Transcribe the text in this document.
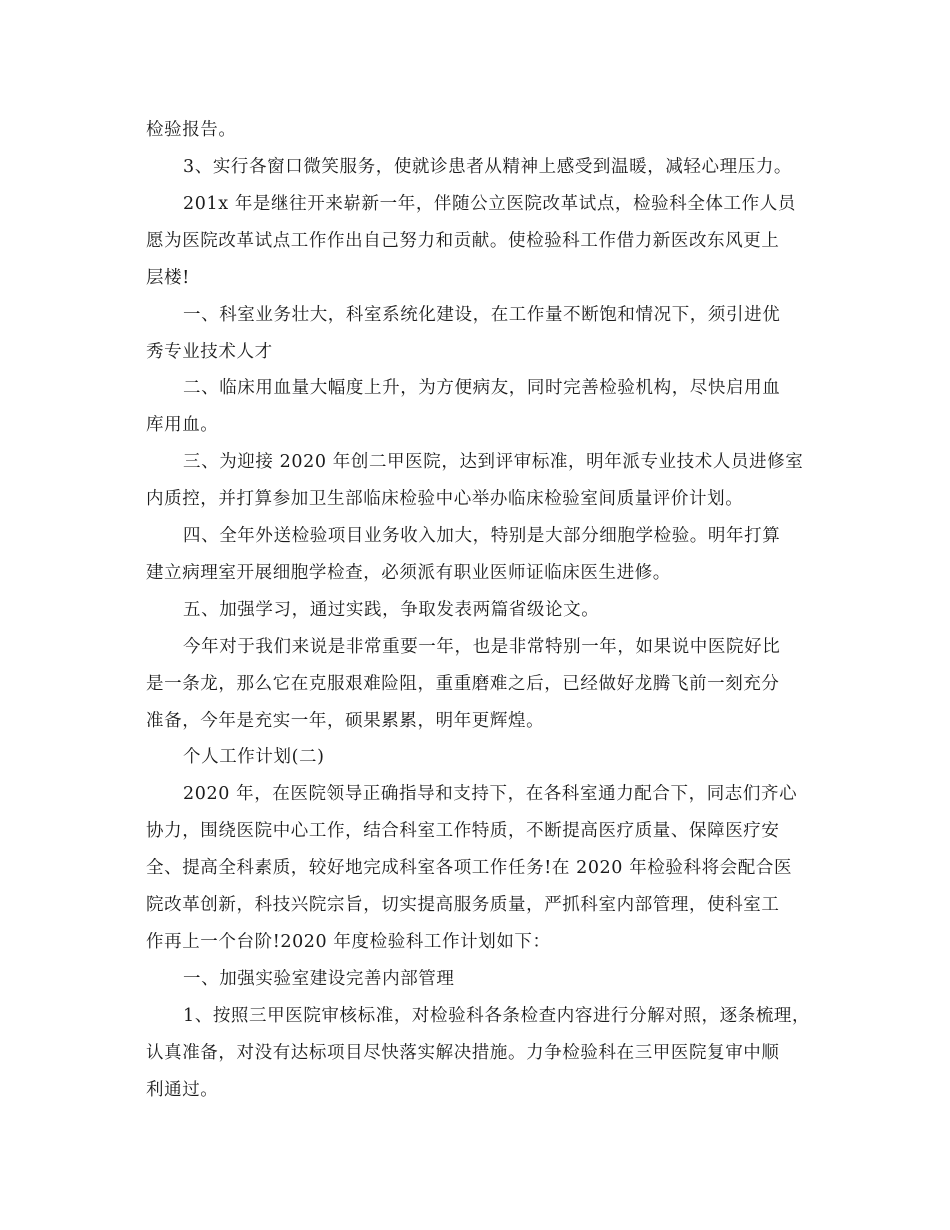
检验报告。
3、实行各窗口微笑服务，使就诊患者从精神上感受到温暖，减轻心理压力。
201x 年是继往开来崭新一年，伴随公立医院改革试点，检验科全体工作人员
愿为医院改革试点工作作出自己努力和贡献。使检验科工作借力新医改东风更上
层楼!
一、科室业务壮大，科室系统化建设，在工作量不断饱和情况下，须引进优
秀专业技术人才
二、临床用血量大幅度上升，为方便病友，同时完善检验机构，尽快启用血
库用血。
三、为迎接 2020 年创二甲医院，达到评审标准，明年派专业技术人员进修室
内质控，并打算参加卫生部临床检验中心举办临床检验室间质量评价计划。
四、全年外送检验项目业务收入加大，特别是大部分细胞学检验。明年打算
建立病理室开展细胞学检查，必须派有职业医师证临床医生进修。
五、加强学习，通过实践，争取发表两篇省级论文。
今年对于我们来说是非常重要一年，也是非常特别一年，如果说中医院好比
是一条龙，那么它在克服艰难险阻，重重磨难之后，已经做好龙腾飞前一刻充分
准备，今年是充实一年，硕果累累，明年更辉煌。
个人工作计划(二)
2020 年，在医院领导正确指导和支持下，在各科室通力配合下，同志们齐心
协力，围绕医院中心工作，结合科室工作特质，不断提高医疗质量、保障医疗安
全、提高全科素质，较好地完成科室各项工作任务!在 2020 年检验科将会配合医
院改革创新，科技兴院宗旨，切实提高服务质量，严抓科室内部管理，使科室工
作再上一个台阶!2020 年度检验科工作计划如下：
一、加强实验室建设完善内部管理
1、按照三甲医院审核标准，对检验科各条检查内容进行分解对照，逐条梳理，
认真准备，对没有达标项目尽快落实解决措施。力争检验科在三甲医院复审中顺
利通过。
